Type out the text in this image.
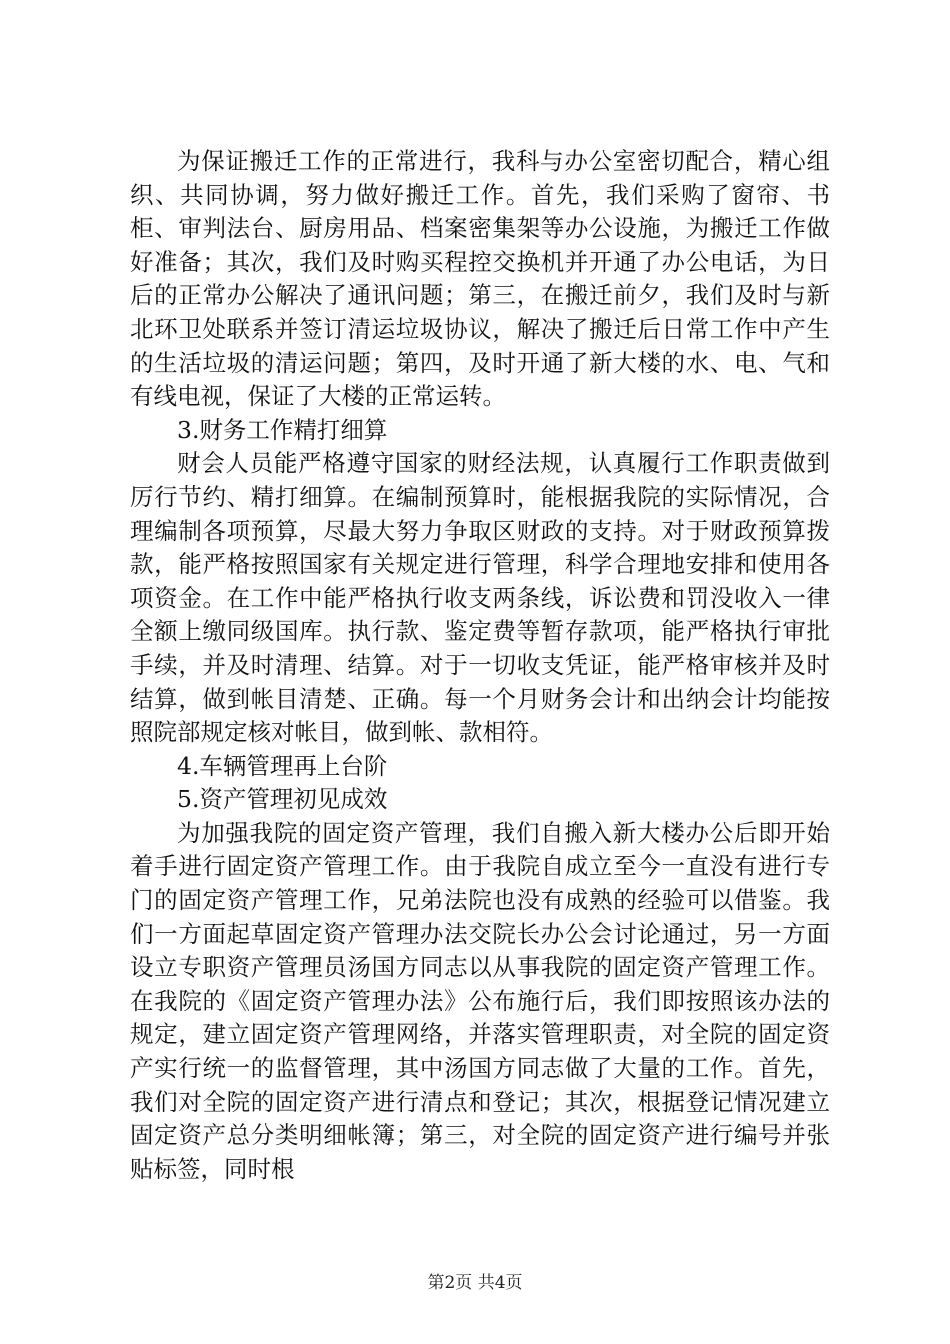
为保证搬迁工作的正常进行，我科与办公室密切配合，精心组织、共同协调，努力做好搬迁工作。首先，我们采购了窗帘、书柜、审判法台、厨房用品、档案密集架等办公设施，为搬迁工作做好准备；其次，我们及时购买程控交换机并开通了办公电话，为日后的正常办公解决了通讯问题；第三，在搬迁前夕，我们及时与新北环卫处联系并签订清运垃圾协议，解决了搬迁后日常工作中产生的生活垃圾的清运问题；第四，及时开通了新大楼的水、电、气和有线电视，保证了大楼的正常运转。

3.财务工作精打细算

财会人员能严格遵守国家的财经法规，认真履行工作职责做到厉行节约、精打细算。在编制预算时，能根据我院的实际情况，合理编制各项预算，尽最大努力争取区财政的支持。对于财政预算拨款，能严格按照国家有关规定进行管理，科学合理地安排和使用各项资金。在工作中能严格执行收支两条线，诉讼费和罚没收入一律全额上缴同级国库。执行款、鉴定费等暂存款项，能严格执行审批手续，并及时清理、结算。对于一切收支凭证，能严格审核并及时结算，做到帐目清楚、正确。每一个月财务会计和出纳会计均能按照院部规定核对帐目，做到帐、款相符。

4.车辆管理再上台阶

5.资产管理初见成效

为加强我院的固定资产管理，我们自搬入新大楼办公后即开始着手进行固定资产管理工作。由于我院自成立至今一直没有进行专门的固定资产管理工作，兄弟法院也没有成熟的经验可以借鉴。我们一方面起草固定资产管理办法交院长办公会讨论通过，另一方面设立专职资产管理员汤国方同志以从事我院的固定资产管理工作。在我院的《固定资产管理办法》公布施行后，我们即按照该办法的规定，建立固定资产管理网络，并落实管理职责，对全院的固定资产实行统一的监督管理，其中汤国方同志做了大量的工作。首先，我们对全院的固定资产进行清点和登记；其次，根据登记情况建立固定资产总分类明细帐簿；第三，对全院的固定资产进行编号并张贴标签，同时根

第2页 共4页
